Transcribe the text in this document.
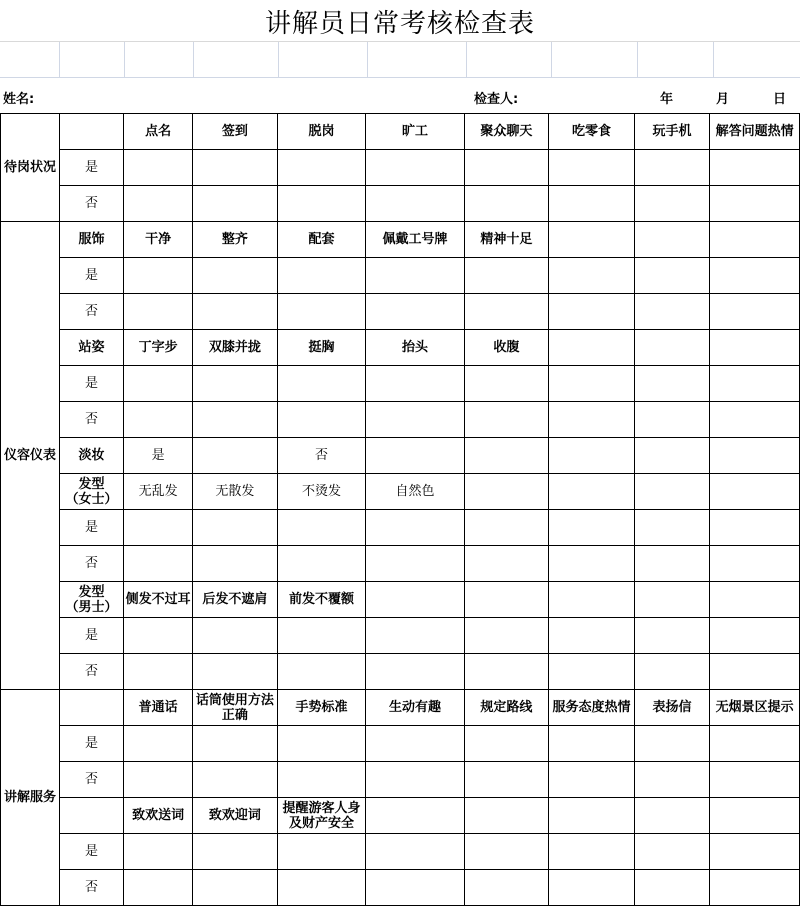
讲解员日常考核检查表
姓名:	检查人:	年	月	日
待岗状况		点名	签到	脱岗	旷工	聚众聊天	吃零食	玩手机	解答问题热情
	是								
	否								
仪容仪表	服饰	干净	整齐	配套	佩戴工号牌	精神十足			
	是								
	否								
	站姿	丁字步	双膝并拢	挺胸	抬头	收腹			
	是								
	否								
	淡妆	是		否					

	发型
（女士）	无乱发	无散发	不烫发	自然色				
	是								
	否								

	发型
（男士）	侧发不过耳	后发不遮肩	前发不覆额					
	是								
	否								
讲解服务		普通话	话筒使用方法正确	手势标准	生动有趣	规定路线	服务态度热情	表扬信	无烟景区提示
	是								
	否								
		致欢送词	致欢迎词	提醒游客人身及财产安全					
	是								
	否								
